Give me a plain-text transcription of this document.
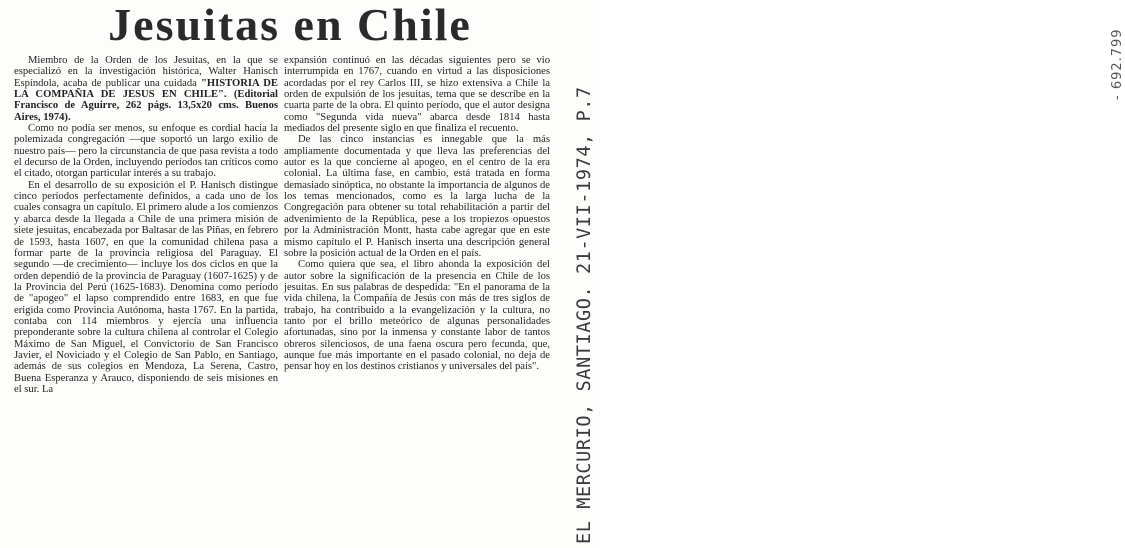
Jesuitas en Chile

Miembro de la Orden de los Jesuitas, en la que se especializó en la investigación histórica, Walter Hanisch Espíndola, acaba de publicar una cuidada "HISTORIA DE LA COMPAÑIA DE JESUS EN CHILE". (Editorial Francisco de Aguirre, 262 págs. 13,5x20 cms. Buenos Aires, 1974).

Como no podía ser menos, su enfoque es cordial hacia la polemizada congregación —que soportó un largo exilio de nuestro país— pero la circunstancia de que pasa revista a todo el decurso de la Orden, incluyendo períodos tan críticos como el citado, otorgan particular interés a su trabajo.

En el desarrollo de su exposición el P. Hanisch distingue cinco períodos perfectamente definidos, a cada uno de los cuales consagra un capítulo. El primero alude a los comienzos y abarca desde la llegada a Chile de una primera misión de siete jesuitas, encabezada por Baltasar de las Piñas, en febrero de 1593, hasta 1607, en que la comunidad chilena pasa a formar parte de la provincia religiosa del Paraguay. El segundo —de crecimiento— incluye los dos ciclos en que la orden dependió de la provincia de Paraguay (1607-1625) y de la Provincia del Perú (1625-1683). Denomina como período de "apogeo" el lapso comprendido entre 1683, en que fue erigida como Provincia Autónoma, hasta 1767. En la partida, contaba con 114 miembros y ejercía una influencia preponderante sobre la cultura chilena al controlar el Colegio Máximo de San Miguel, el Convictorio de San Francisco Javier, el Noviciado y el Colegio de San Pablo, en Santiago, además de sus colegios en Mendoza, La Serena, Castro, Buena Esperanza y Arauco, disponiendo de seis misiones en el sur. La

expansión continuó en las décadas siguientes pero se vio interrumpida en 1767, cuando en virtud a las disposiciones acordadas por el rey Carlos III, se hizo extensiva a Chile la orden de expulsión de los jesuitas, tema que se describe en la cuarta parte de la obra. El quinto período, que el autor designa como "Segunda vida nueva" abarca desde 1814 hasta mediados del presente siglo en que finaliza el recuento.

De las cinco instancias es innegable que la más ampliamente documentada y que lleva las preferencias del autor es la que concierne al apogeo, en el centro de la era colonial. La última fase, en cambio, está tratada en forma demasiado sinóptica, no obstante la importancia de algunos de los temas mencionados, como es la larga lucha de la Congregación para obtener su total rehabilitación a partir del advenimiento de la República, pese a los tropiezos opuestos por la Administración Montt, hasta cabe agregar que en este mismo capítulo el P. Hanisch inserta una descripción general sobre la posición actual de la Orden en el país.

Como quiera que sea, el libro ahonda la exposición del autor sobre la significación de la presencia en Chile de los jesuitas. En sus palabras de despedida: "En el panorama de la vida chilena, la Compañía de Jesús con más de tres siglos de trabajo, ha contribuido a la evangelización y la cultura, no tanto por el brillo meteórico de algunas personalidades afortunadas, sino por la inmensa y constante labor de tantos obreros silenciosos, de una faena oscura pero fecunda, que, aunque fue más importante en el pasado colonial, no deja de pensar hoy en los destinos cristianos y universales del país".	EL MERCURIO, SANTIAGO. 21-VII-1974, P.7
- 692.799
